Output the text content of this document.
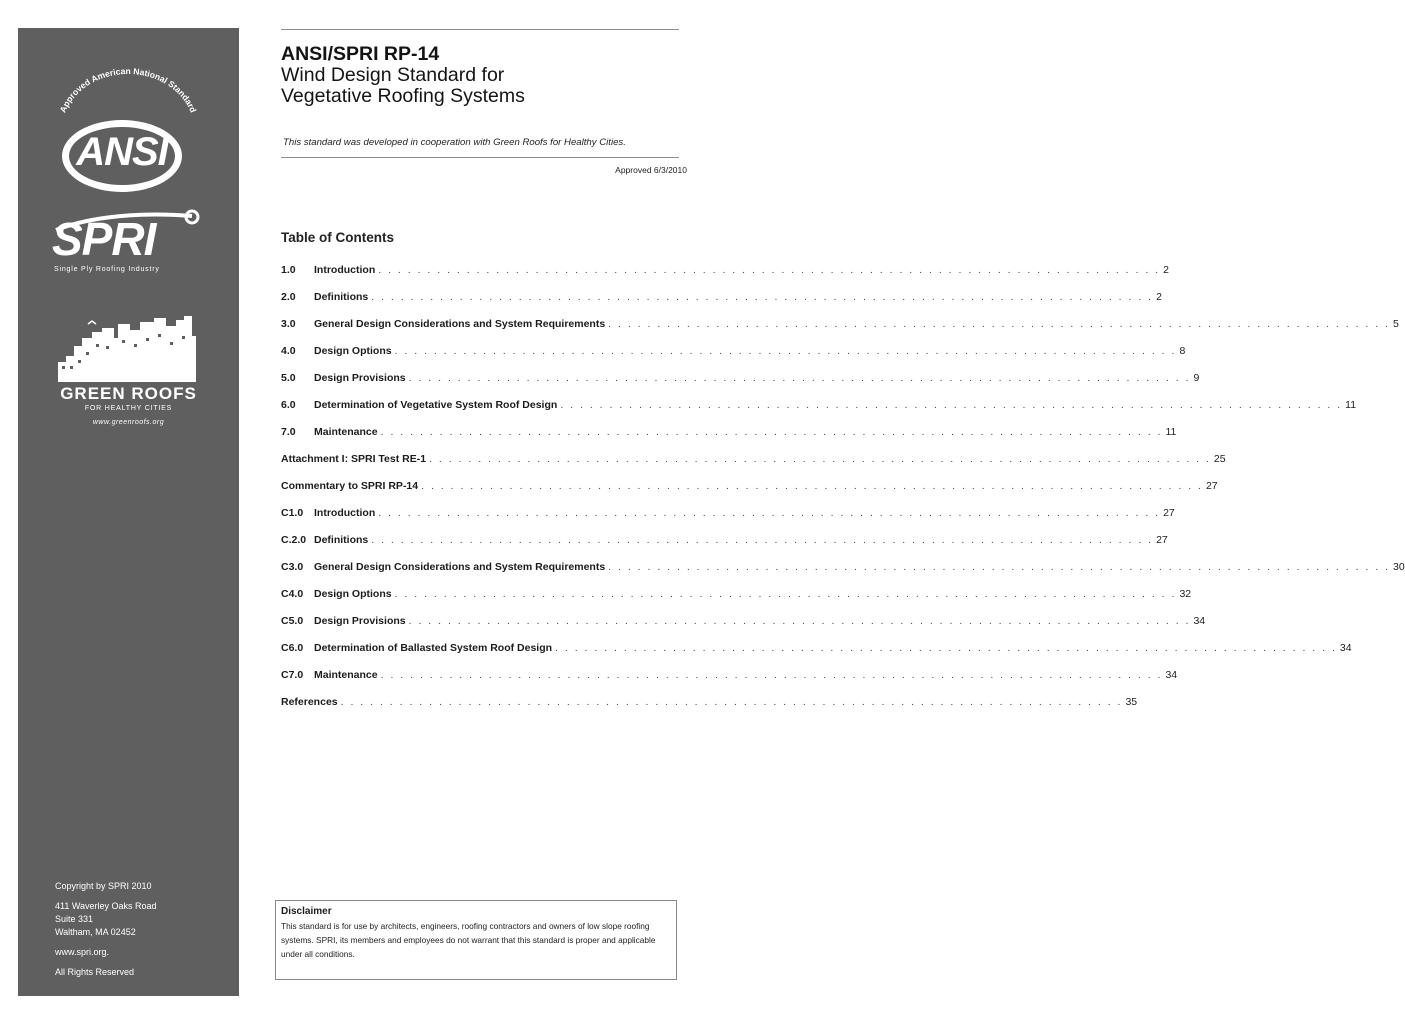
Approved American National Standard
ANSI
SPRI
Single Ply Roofing Industry
GREEN ROOFS
FOR HEALTHY CITIES
www.greenroofs.org
Copyright by SPRI 2010
411 Waverley Oaks Road
Suite 331
Waltham, MA 02452
www.spri.org.
All Rights Reserved
ANSI/SPRI RP-14
Wind Design Standard for
Vegetative Roofing Systems
This standard was developed in cooperation with Green Roofs for Healthy Cities.
Approved 6/3/2010
Table of Contents
1.0	Introduction . . . . . . . . . . . . . . . . . . . . . . . . . . . . . . . . . . . . . . . . . . . . . . . . . . . . . . . . . . . . . . . . . . . . . . . . . . . . . . . . 2
2.0	Definitions . . . . . . . . . . . . . . . . . . . . . . . . . . . . . . . . . . . . . . . . . . . . . . . . . . . . . . . . . . . . . . . . . . . . . . . . . . . . . . . . 2
3.0	General Design Considerations and System Requirements . . . . . . . . . . . . . . . . . . . . . . . . . . . . . . . . . . . . . . . . . . . . . . . . . . . . . . . . . . . . . . . . . . . . . . . . . . . . . . . . 5
4.0	Design Options . . . . . . . . . . . . . . . . . . . . . . . . . . . . . . . . . . . . . . . . . . . . . . . . . . . . . . . . . . . . . . . . . . . . . . . . . . . . . . . . 8
5.0	Design Provisions . . . . . . . . . . . . . . . . . . . . . . . . . . . . . . . . . . . . . . . . . . . . . . . . . . . . . . . . . . . . . . . . . . . . . . . . . . . . . . . . 9
6.0	Determination of Vegetative System Roof Design . . . . . . . . . . . . . . . . . . . . . . . . . . . . . . . . . . . . . . . . . . . . . . . . . . . . . . . . . . . . . . . . . . . . . . . . . . . . . . . . 11
7.0	Maintenance . . . . . . . . . . . . . . . . . . . . . . . . . . . . . . . . . . . . . . . . . . . . . . . . . . . . . . . . . . . . . . . . . . . . . . . . . . . . . . . . 11
Attachment I: SPRI Test RE-1 . . . . . . . . . . . . . . . . . . . . . . . . . . . . . . . . . . . . . . . . . . . . . . . . . . . . . . . . . . . . . . . . . . . . . . . . . . . . . . . . 25
Commentary to SPRI RP-14 . . . . . . . . . . . . . . . . . . . . . . . . . . . . . . . . . . . . . . . . . . . . . . . . . . . . . . . . . . . . . . . . . . . . . . . . . . . . . . . . 27
C1.0	Introduction . . . . . . . . . . . . . . . . . . . . . . . . . . . . . . . . . . . . . . . . . . . . . . . . . . . . . . . . . . . . . . . . . . . . . . . . . . . . . . . . 27
C.2.0 Definitions . . . . . . . . . . . . . . . . . . . . . . . . . . . . . . . . . . . . . . . . . . . . . . . . . . . . . . . . . . . . . . . . . . . . . . . . . . . . . . . . 27
C3.0	General Design Considerations and System Requirements . . . . . . . . . . . . . . . . . . . . . . . . . . . . . . . . . . . . . . . . . . . . . . . . . . . . . . . . . . . . . . . . . . . . . . . . . . . . . . . . 30
C4.0	Design Options . . . . . . . . . . . . . . . . . . . . . . . . . . . . . . . . . . . . . . . . . . . . . . . . . . . . . . . . . . . . . . . . . . . . . . . . . . . . . . . . 32
C5.0	Design Provisions . . . . . . . . . . . . . . . . . . . . . . . . . . . . . . . . . . . . . . . . . . . . . . . . . . . . . . . . . . . . . . . . . . . . . . . . . . . . . . . . 34
C6.0	Determination of Ballasted System Roof Design . . . . . . . . . . . . . . . . . . . . . . . . . . . . . . . . . . . . . . . . . . . . . . . . . . . . . . . . . . . . . . . . . . . . . . . . . . . . . . . . 34
C7.0	Maintenance . . . . . . . . . . . . . . . . . . . . . . . . . . . . . . . . . . . . . . . . . . . . . . . . . . . . . . . . . . . . . . . . . . . . . . . . . . . . . . . . 34
References . . . . . . . . . . . . . . . . . . . . . . . . . . . . . . . . . . . . . . . . . . . . . . . . . . . . . . . . . . . . . . . . . . . . . . . . . . . . . . . . 35
Disclaimer
This standard is for use by architects, engineers, roofing contractors and owners of low slope roofing systems. SPRI, its members and employees do not warrant that this standard is proper and applicable under all conditions.
